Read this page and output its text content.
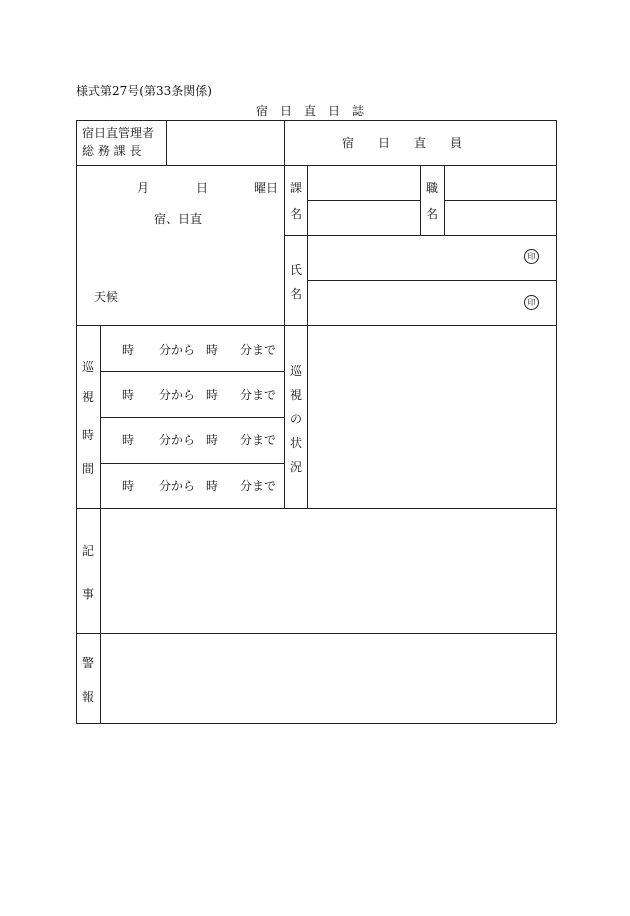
様式第27号(第33条関係)
宿　日　直　日　誌
宿日直管理者
総 務 課 長
宿　　日　　直　　員
月	日	曜日
宿、日直
天候
課
名
職
名
氏
名
印
印
巡
視
時
間
時 分から 時 分まで
時 分から 時 分まで
時 分から 時 分まで
時 分から 時 分まで
巡
視
の
状
況
記
事
警
報
